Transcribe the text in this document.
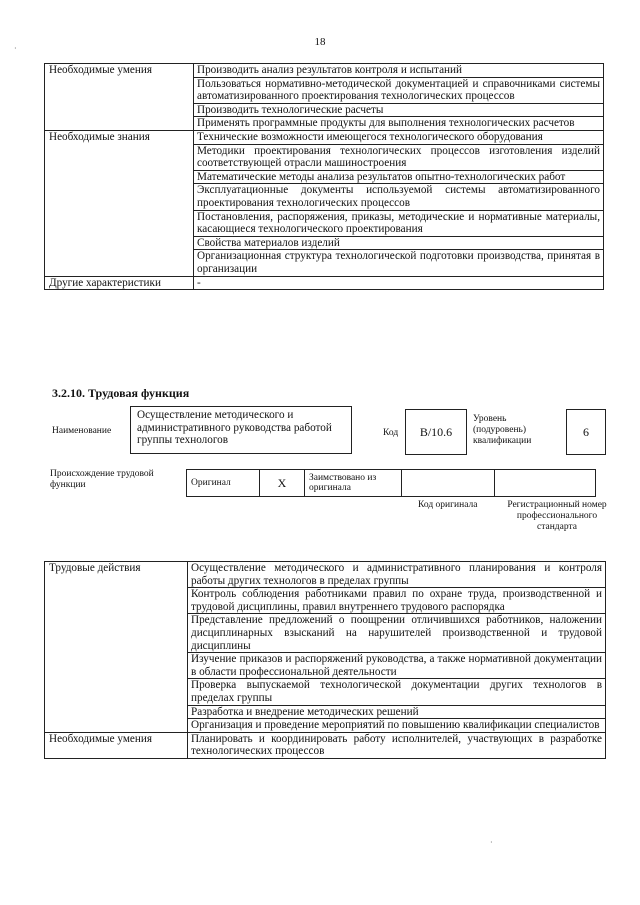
18
·
Необходимые умения	Производить анализ результатов контроля и испытаний
	Пользоваться нормативно-методической документацией и справочниками системы автоматизированного проектирования технологических процессов
	Производить технологические расчеты
	Применять программные продукты для выполнения технологических расчетов
Необходимые знания	Технические возможности имеющегося технологического оборудования
	Методики проектирования технологических процессов изготовления изделий соответствующей отрасли машиностроения
	Математические методы анализа результатов опытно-технологических работ
	Эксплуатационные документы используемой системы автоматизированного проектирования технологических процессов
	Постановления, распоряжения, приказы, методические и нормативные материалы, касающиеся технологического проектирования
	Свойства материалов изделий
	Организационная структура технологической подготовки производства, принятая в организации
Другие характеристики	-
3.2.10. Трудовая функция
Наименование
Осуществление методического и административного руководства работой группы технологов
Код	B/10.6
Уровень (подуровень) квалификации
6
Происхождение трудовой функции	Оригинал	X	Заимствовано из оригинала		
Код оригинала	Регистрационный номер профессионального стандарта
Трудовые действия	Осуществление методического и административного планирования и контроля работы других технологов в пределах группы
	Контроль соблюдения работниками правил по охране труда, производственной и трудовой дисциплины, правил внутреннего трудового распорядка
	Представление предложений о поощрении отличившихся работников, наложении дисциплинарных взысканий на нарушителей производственной и трудовой дисциплины
	Изучение приказов и распоряжений руководства, а также нормативной документации в области профессиональной деятельности
	Проверка выпускаемой технологической документации других технологов в пределах группы
	Разработка и внедрение методических решений
	Организация и проведение мероприятий по повышению квалификации специалистов
Необходимые умения	Планировать и координировать работу исполнителей, участвующих в разработке технологических процессов
·
